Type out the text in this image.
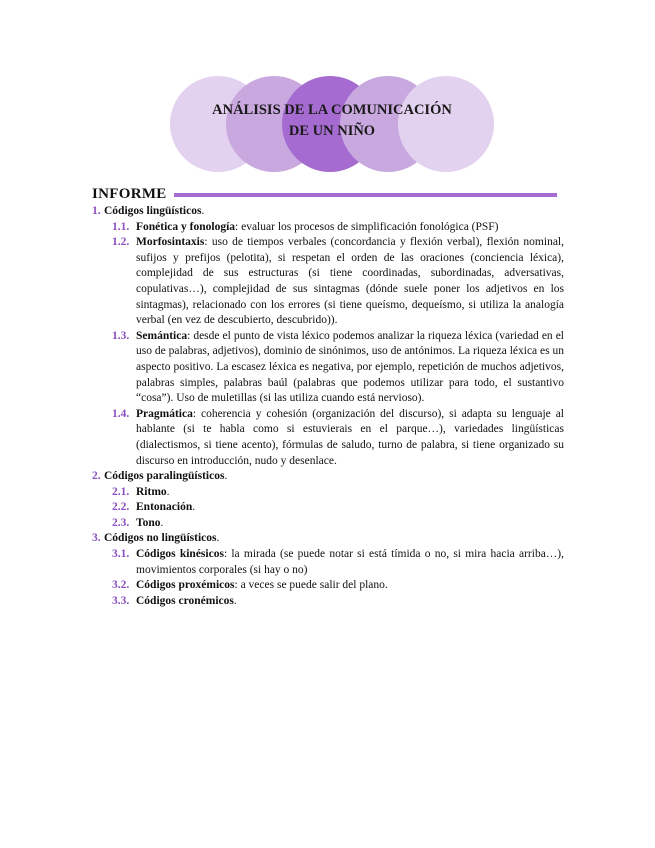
ANÁLISIS DE LA COMUNICACIÓN
DE UN NIÑO
INFORME
1. Códigos lingüísticos.
1.1. Fonética y fonología: evaluar los procesos de simplificación fonológica (PSF)
1.2. Morfosintaxis: uso de tiempos verbales (concordancia y flexión verbal), flexión nominal, sufijos y prefijos (pelotita), si respetan el orden de las oraciones (conciencia léxica), complejidad de sus estructuras (si tiene coordinadas, subordinadas, adversativas, copulativas…), complejidad de sus sintagmas (dónde suele poner los adjetivos en los sintagmas), relacionado con los errores (si tiene queísmo, dequeísmo, si utiliza la analogía verbal (en vez de descubierto, descubrido)).
1.3. Semántica: desde el punto de vista léxico podemos analizar la riqueza léxica (variedad en el uso de palabras, adjetivos), dominio de sinónimos, uso de antónimos. La riqueza léxica es un aspecto positivo. La escasez léxica es negativa, por ejemplo, repetición de muchos adjetivos, palabras simples, palabras baúl (palabras que podemos utilizar para todo, el sustantivo “cosa”). Uso de muletillas (si las utiliza cuando está nervioso).
1.4. Pragmática: coherencia y cohesión (organización del discurso), si adapta su lenguaje al hablante (si te habla como si estuvierais en el parque…), variedades lingüísticas (dialectismos, si tiene acento), fórmulas de saludo, turno de palabra, si tiene organizado su discurso en introducción, nudo y desenlace.
2. Códigos paralingüísticos.
2.1. Ritmo.
2.2. Entonación.
2.3. Tono.
3. Códigos no lingüísticos.
3.1. Códigos kinésicos: la mirada (se puede notar si está tímida o no, si mira hacia arriba…), movimientos corporales (si hay o no)
3.2. Códigos proxémicos: a veces se puede salir del plano.
3.3. Códigos cronémicos.
